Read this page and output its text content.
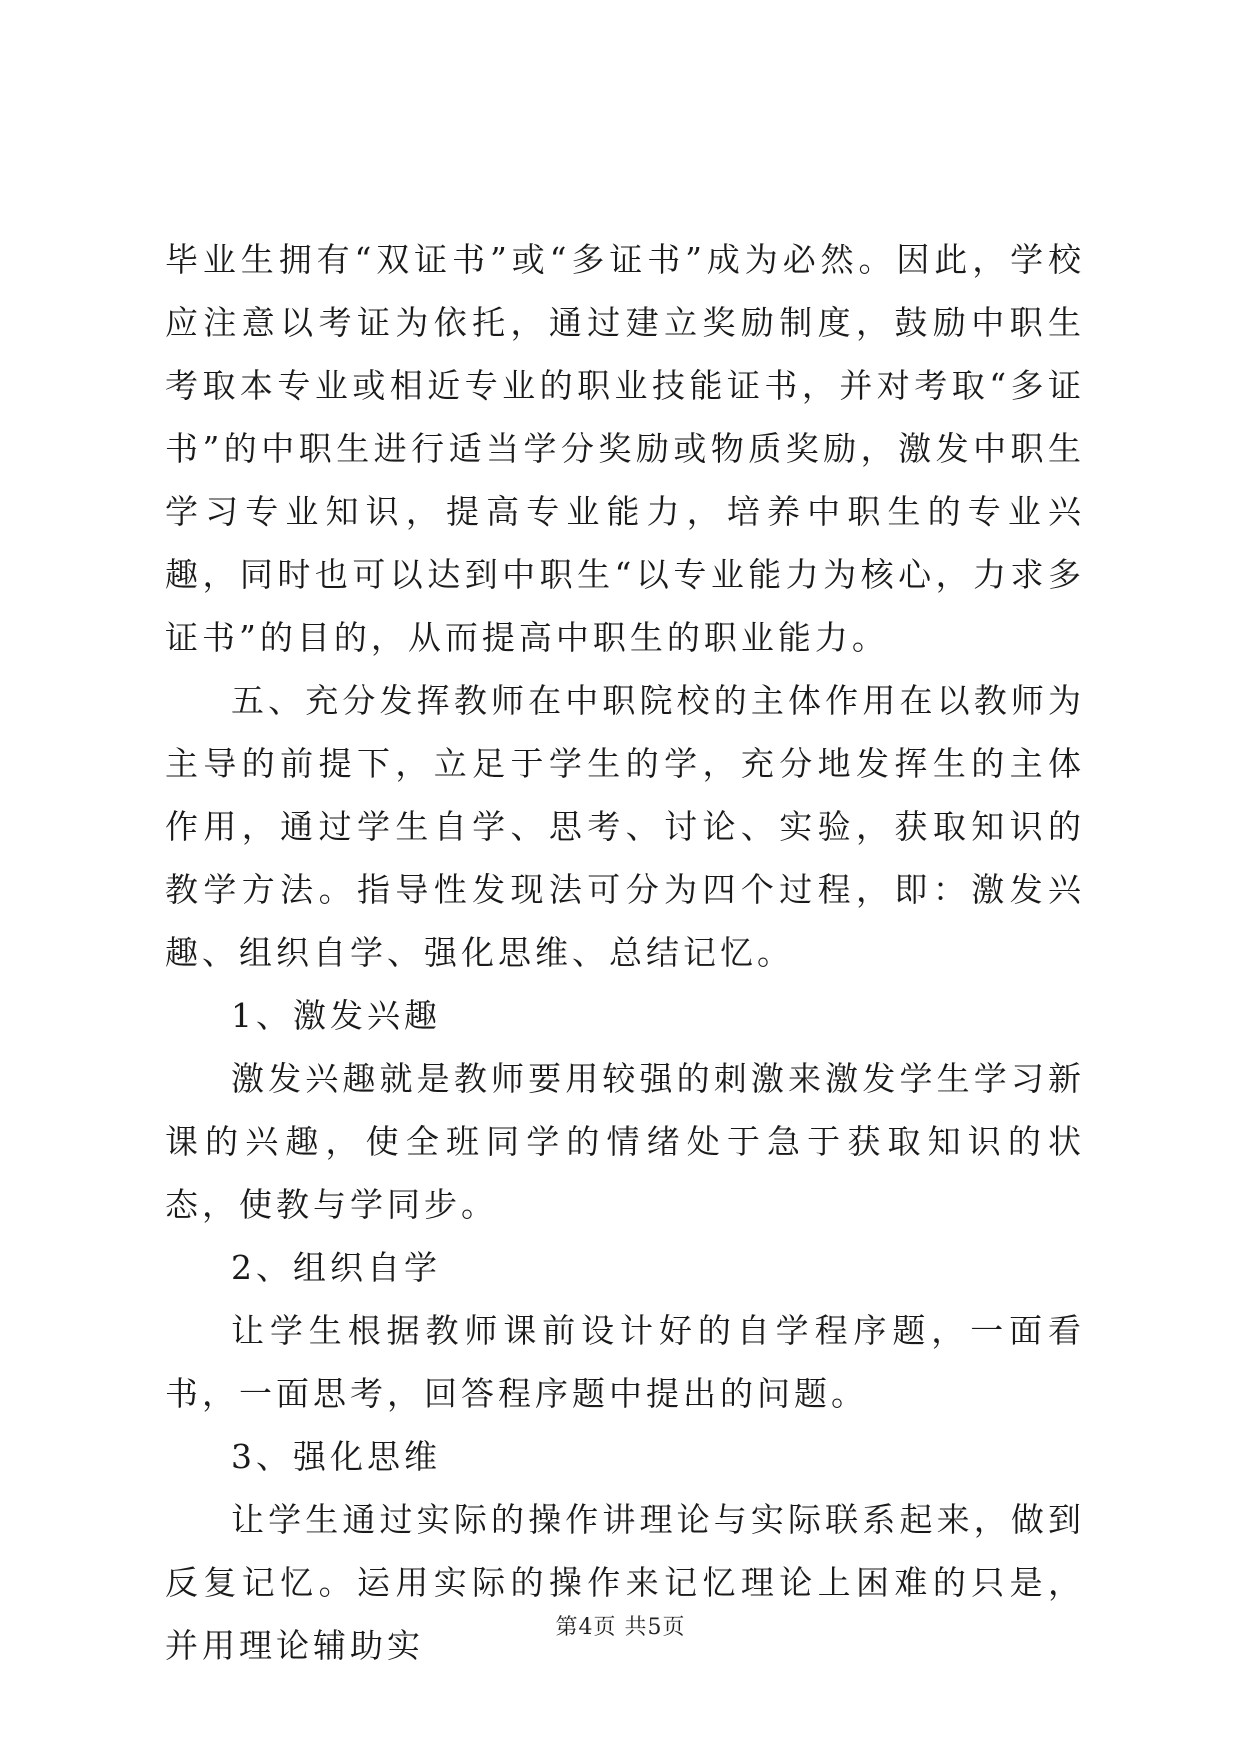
毕业生拥有“双证书”或“多证书”成为必然。因此，学校应注意以考证为依托，通过建立奖励制度，鼓励中职生考取本专业或相近专业的职业技能证书，并对考取“多证书”的中职生进行适当学分奖励或物质奖励，激发中职生学习专业知识，提高专业能力，培养中职生的专业兴趣，同时也可以达到中职生“以专业能力为核心，力求多证书”的目的，从而提高中职生的职业能力。

五、充分发挥教师在中职院校的主体作用在以教师为主导的前提下，立足于学生的学，充分地发挥生的主体作用，通过学生自学、思考、讨论、实验，获取知识的教学方法。指导性发现法可分为四个过程，即：激发兴趣、组织自学、强化思维、总结记忆。

1、激发兴趣

激发兴趣就是教师要用较强的刺激来激发学生学习新课的兴趣，使全班同学的情绪处于急于获取知识的状态，使教与学同步。

2、组织自学

让学生根据教师课前设计好的自学程序题，一面看书，一面思考，回答程序题中提出的问题。

3、强化思维

让学生通过实际的操作讲理论与实际联系起来，做到反复记忆。运用实际的操作来记忆理论上困难的只是，并用理论辅助实	第4页 共5页
